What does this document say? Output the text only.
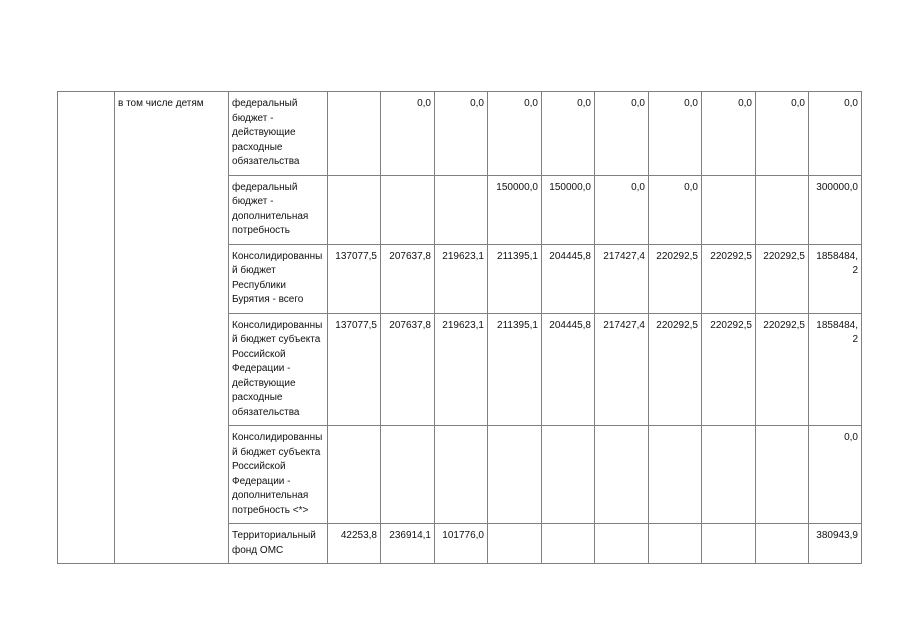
	в том числе детям	федеральный бюджет - действующие расходные обязательства		0,0	0,0	0,0	0,0	0,0	0,0	0,0	0,0	0,0
		федеральный бюджет - дополнительная потребность				150000,0	150000,0	0,0	0,0			300000,0
		Консолидированный бюджет Республики Бурятия - всего	137077,5	207637,8	219623,1	211395,1	204445,8	217427,4	220292,5	220292,5	220292,5	1858484,2
		Консолидированный бюджет субъекта Российской Федерации - действующие расходные обязательства	137077,5	207637,8	219623,1	211395,1	204445,8	217427,4	220292,5	220292,5	220292,5	1858484,2
		Консолидированный бюджет субъекта Российской Федерации - дополнительная потребность <*>										0,0
		Территориальный фонд ОМС	42253,8	236914,1	101776,0							380943,9
